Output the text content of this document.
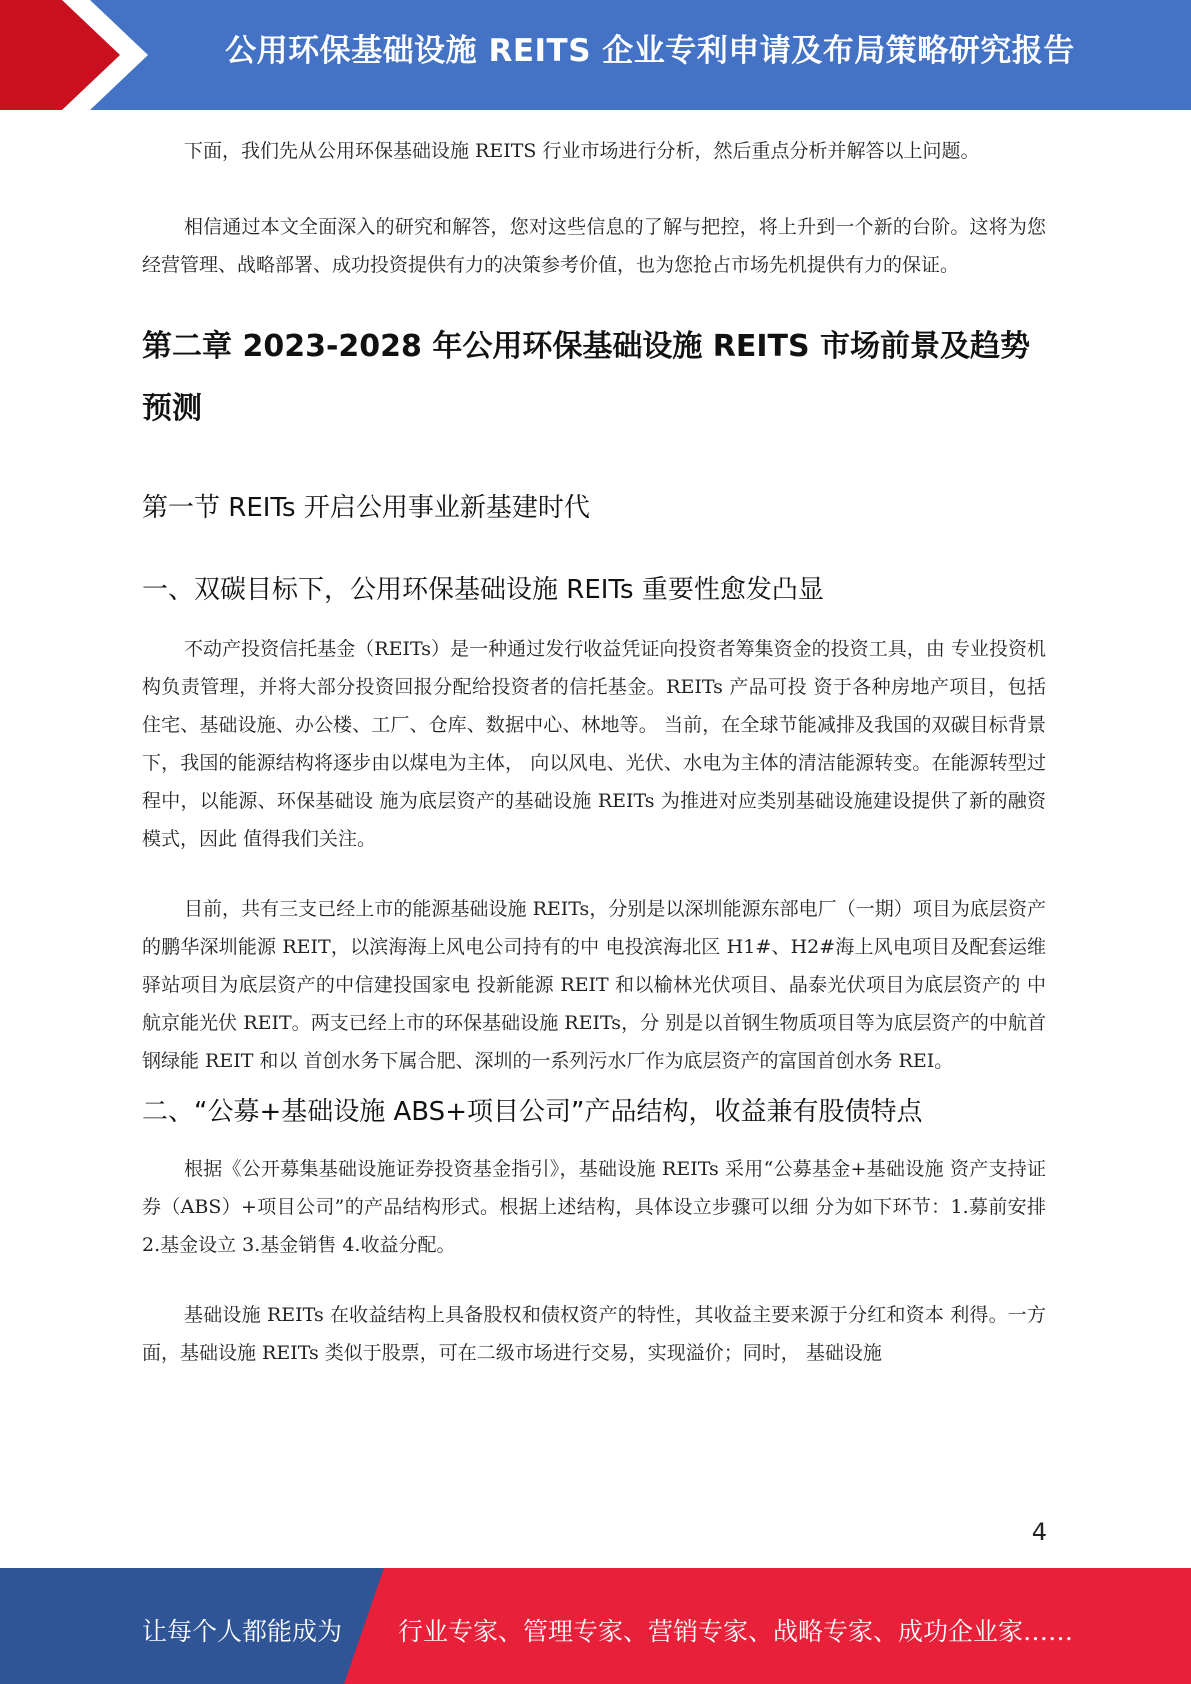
公用环保基础设施 REITS 企业专利申请及布局策略研究报告

下面，我们先从公用环保基础设施 REITS 行业市场进行分析，然后重点分析并解答以上问题。

相信通过本文全面深入的研究和解答，您对这些信息的了解与把控，将上升到一个新的台阶。这将为您经营管理、战略部署、成功投资提供有力的决策参考价值，也为您抢占市场先机提供有力的保证。

第二章 2023-2028 年公用环保基础设施 REITS 市场前景及趋势预测
第一节 REITs 开启公用事业新基建时代
一、双碳目标下，公用环保基础设施 REITs 重要性愈发凸显

不动产投资信托基金（REITs）是一种通过发行收益凭证向投资者筹集资金的投资工具，由 专业投资机构负责管理，并将大部分投资回报分配给投资者的信托基金。REITs 产品可投 资于各种房地产项目，包括住宅、基础设施、办公楼、工厂、仓库、数据中心、林地等。 当前，在全球节能减排及我国的双碳目标背景下，我国的能源结构将逐步由以煤电为主体， 向以风电、光伏、水电为主体的清洁能源转变。在能源转型过程中，以能源、环保基础设 施为底层资产的基础设施 REITs 为推进对应类别基础设施建设提供了新的融资模式，因此 值得我们关注。

目前，共有三支已经上市的能源基础设施 REITs，分别是以深圳能源东部电厂（一期）项目为底层资产的鹏华深圳能源 REIT，以滨海海上风电公司持有的中 电投滨海北区 H1#、H2#海上风电项目及配套运维驿站项目为底层资产的中信建投国家电 投新能源 REIT 和以榆林光伏项目、晶泰光伏项目为底层资产的 中航京能光伏 REIT。两支已经上市的环保基础设施 REITs，分 别是以首钢生物质项目等为底层资产的中航首钢绿能 REIT 和以 首创水务下属合肥、深圳的一系列污水厂作为底层资产的富国首创水务 REI。

二、“公募+基础设施 ABS+项目公司”产品结构，收益兼有股债特点

根据《公开募集基础设施证券投资基金指引》，基础设施 REITs 采用“公募基金+基础设施 资产支持证券（ABS）+项目公司”的产品结构形式。根据上述结构，具体设立步骤可以细 分为如下环节：1.募前安排 2.基金设立 3.基金销售 4.收益分配。

基础设施 REITs 在收益结构上具备股权和债权资产的特性，其收益主要来源于分红和资本 利得。一方面，基础设施 REITs 类似于股票，可在二级市场进行交易，实现溢价；同时， 基础设施

4
让每个人都能成为 行业专家、管理专家、营销专家、战略专家、成功企业家……
